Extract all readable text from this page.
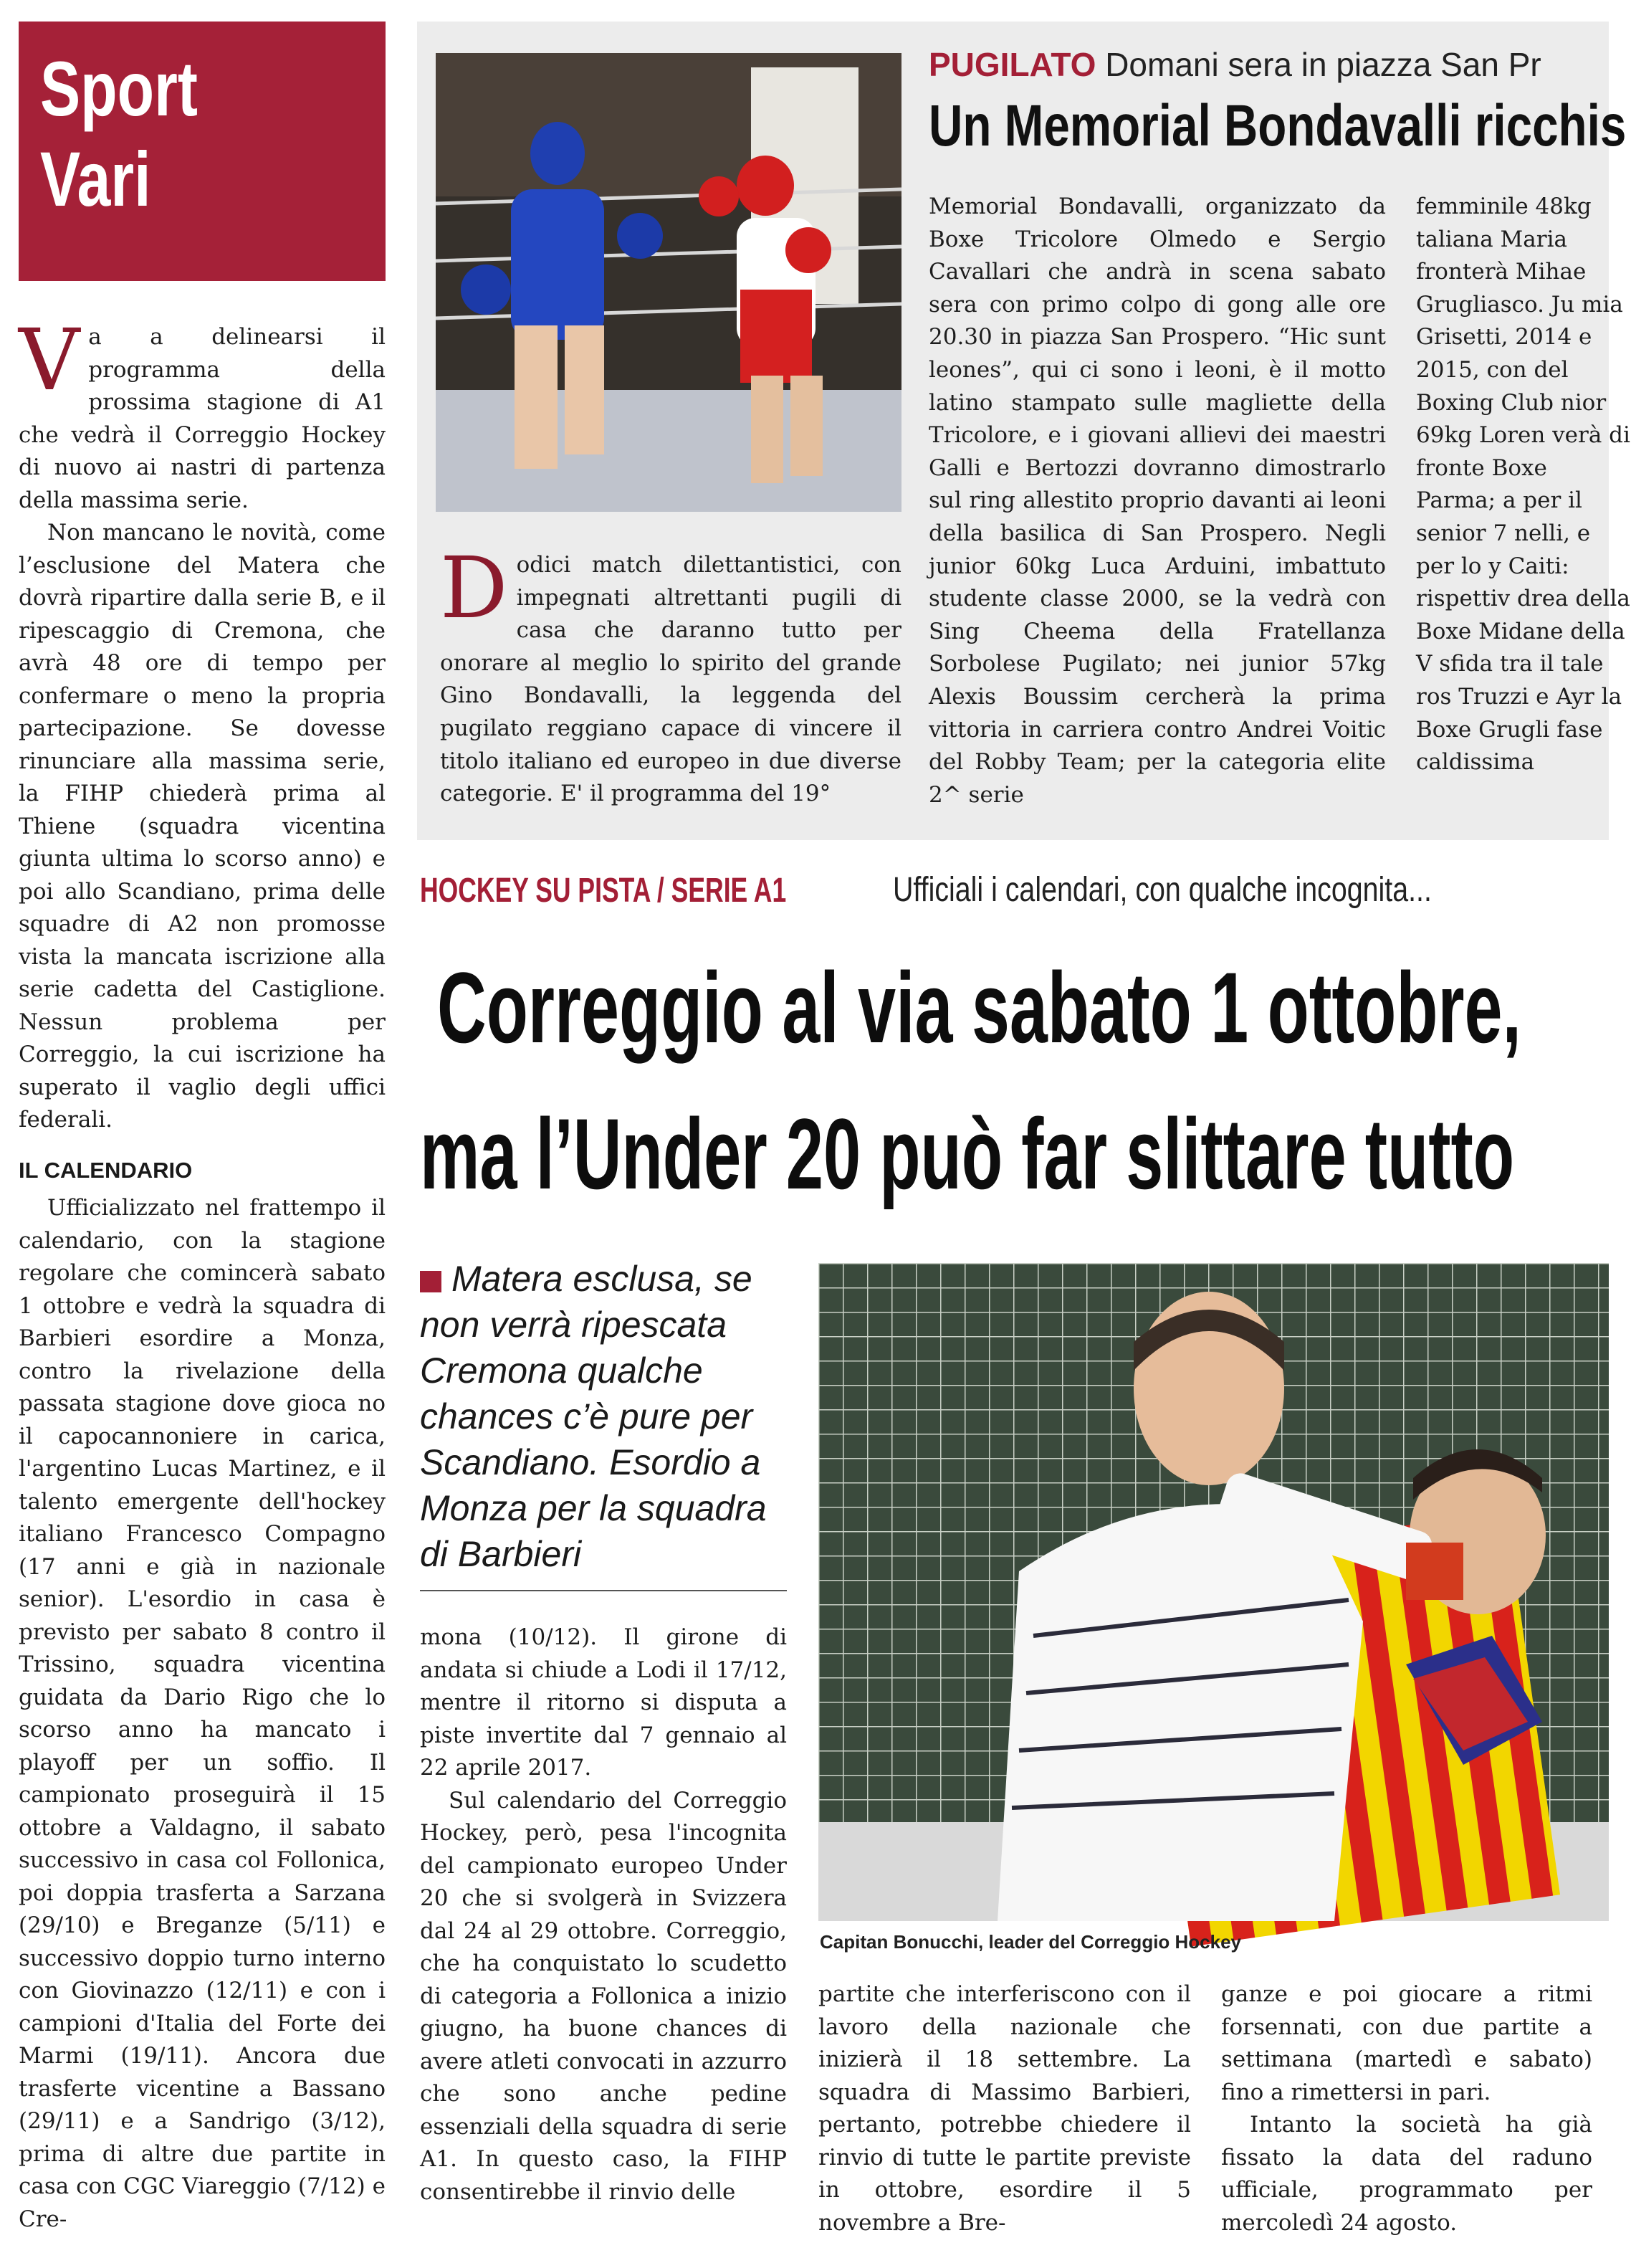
Sport
Vari

Va a delinearsi il programma della prossima stagione di A1 che vedrà il Correggio Hockey di nuovo ai nastri di partenza della massima serie.

Non mancano le novità, come l’esclusione del Matera che dovrà ripartire dalla serie B, e il ripescaggio di Cremona, che avrà 48 ore di tempo per confermare o meno la propria partecipazione. Se dovesse rinunciare alla massima serie, la FIHP chiederà prima al Thiene (squadra vicentina giunta ultima lo scorso anno) e poi allo Scandiano, prima delle squadre di A2 non promosse vista la mancata iscrizione alla serie cadetta del Castiglione. Nessun problema per Correggio, la cui iscrizione ha superato il vaglio degli uffici federali.

IL CALENDARIO

Ufficializzato nel frattempo il calendario, con la stagione regolare che comincerà sabato 1 ottobre e vedrà la squadra di Barbieri esordire a Monza, contro la rivelazione della passata stagione dove gioca no il capocannoniere in carica, l'argentino Lucas Martinez, e il talento emergente dell'hockey italiano Francesco Compagno (17 anni e già in nazionale senior). L'esordio in casa è previsto per sabato 8 contro il Trissino, squadra vicentina guidata da Dario Rigo che lo scorso anno ha mancato i playoff per un soffio. Il campionato proseguirà il 15 ottobre a Valdagno, il sabato successivo in casa col Follonica, poi doppia trasferta a Sarzana (29/10) e Breganze (5/11) e successivo doppio turno interno con Giovinazzo (12/11) e con i campioni d'Italia del Forte dei Marmi (19/11). Ancora due trasferte vicentine a Bassano (29/11) e a Sandrigo (3/12), prima di altre due partite in casa con CGC Viareggio (7/12) e Cre-

PUGILATO Domani sera in piazza San Pr
Un Memorial Bondavalli ricchis

Dodici match dilettantistici, con impegnati altrettanti pugili di casa che daranno tutto per onorare al meglio lo spirito del grande Gino Bondavalli, la leggenda del pugilato reggiano capace di vincere il titolo italiano ed europeo in due diverse categorie. E' il programma del 19°

Memorial Bondavalli, organizzato da Boxe Tricolore Olmedo e Sergio Cavallari che andrà in scena sabato sera con primo colpo di gong alle ore 20.30 in piazza San Prospero. “Hic sunt leones”, qui ci sono i leoni, è il motto latino stampato sulle magliette della Tricolore, e i giovani allievi dei maestri Galli e Bertozzi dovranno dimostrarlo sul ring allestito proprio davanti ai leoni della basilica di San Prospero. Negli junior 60kg Luca Arduini, imbattuto studente classe 2000, se la vedrà con Sing Cheema della Fratellanza Sorbolese Pugilato; nei junior 57kg Alexis Boussim cercherà la prima vittoria in carriera contro Andrei Voitic del Robby Team; per la categoria elite 2^ serie

femminile 48kg taliana Maria fronterà Mihae Grugliasco. Ju mia Grisetti, 2014 e 2015, con del Boxing Club nior 69kg Loren verà di fronte Boxe Parma; a per il senior 7 nelli, e per lo y Caiti: rispettiv drea della Boxe Midane della V sfida tra il tale ros Truzzi e Ayr la Boxe Grugli fase caldissima

HOCKEY SU PISTA / SERIE A1	Ufficiali i calendari, con qualche incognita...
Correggio al via sabato 1 ottobre,
ma l’Under 20 può far slittare tutto
Matera esclusa, se non verrà ripescata Cremona qualche chances c’è pure per Scandiano. Esordio a Monza per la squadra di Barbieri
Capitan Bonucchi, leader del Correggio Hockey

mona (10/12). Il girone di andata si chiude a Lodi il 17/12, mentre il ritorno si disputa a piste invertite dal 7 gennaio al 22 aprile 2017.

Sul calendario del Correggio Hockey, però, pesa l'incognita del campionato europeo Under 20 che si svolgerà in Svizzera dal 24 al 29 ottobre. Correggio, che ha conquistato lo scudetto di categoria a Follonica a inizio giugno, ha buone chances di avere atleti convocati in azzurro che sono anche pedine essenziali della squadra di serie A1. In questo caso, la FIHP consentirebbe il rinvio delle

partite che interferiscono con il lavoro della nazionale che inizierà il 18 settembre. La squadra di Massimo Barbieri, pertanto, potrebbe chiedere il rinvio di tutte le partite previste in ottobre, esordire il 5 novembre a Bre-

ganze e poi giocare a ritmi forsennati, con due partite a settimana (martedì e sabato) fino a rimettersi in pari.

Intanto la società ha già fissato la data del raduno ufficiale, programmato per mercoledì 24 agosto.
